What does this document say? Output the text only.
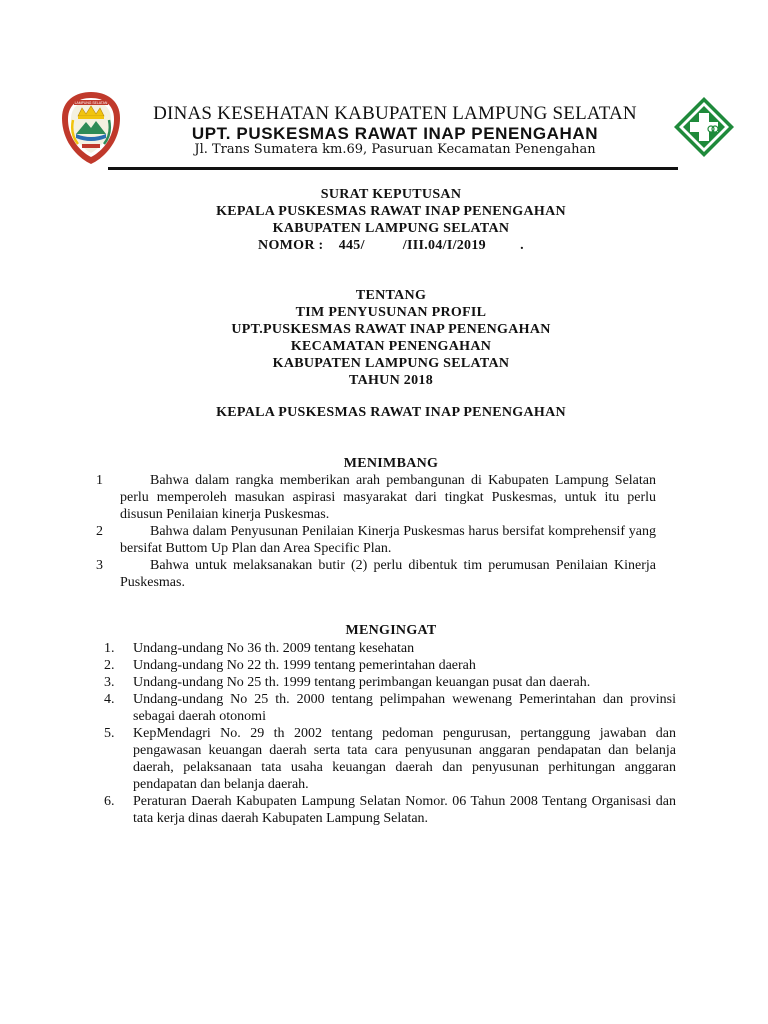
LAMPUNG SELATAN	DINAS KESEHATAN KABUPATEN LAMPUNG SELATAN
UPT. PUSKESMAS RAWAT INAP PENENGAHAN
Jl. Trans Sumatera km.69, Pasuruan Kecamatan Penengahan
SURAT KEPUTUSAN
KEPALA PUSKESMAS RAWAT INAP PENENGAHAN
KABUPATEN LAMPUNG SELATAN
NOMOR :    445/          /III.04/I/2019         .
TENTANG
TIM PENYUSUNAN PROFIL
UPT.PUSKESMAS RAWAT INAP PENENGAHAN
KECAMATAN PENENGAHAN
KABUPATEN LAMPUNG SELATAN
TAHUN 2018
KEPALA PUSKESMAS RAWAT INAP PENENGAHAN
MENIMBANG
1	Bahwa dalam rangka memberikan arah pembangunan di Kabupaten Lampung Selatan perlu memperoleh masukan aspirasi masyarakat dari tingkat Puskesmas, untuk itu perlu disusun Penilaian kinerja Puskesmas.
2	Bahwa dalam Penyusunan Penilaian Kinerja Puskesmas harus bersifat komprehensif yang bersifat Buttom Up Plan dan Area Specific Plan.
3	Bahwa untuk melaksanakan butir (2) perlu dibentuk tim perumusan Penilaian Kinerja Puskesmas.
MENGINGAT
1. Undang-undang No 36 th. 2009 tentang kesehatan
2. Undang-undang No 22 th. 1999 tentang pemerintahan daerah
3. Undang-undang No 25 th. 1999 tentang perimbangan keuangan pusat dan daerah.
4. Undang-undang No 25 th. 2000 tentang pelimpahan wewenang Pemerintahan dan provinsi sebagai daerah otonomi
5. KepMendagri No. 29 th 2002 tentang pedoman pengurusan, pertanggung jawaban dan pengawasan keuangan daerah serta tata cara penyusunan anggaran pendapatan dan belanja daerah, pelaksanaan tata usaha keuangan daerah dan penyusunan perhitungan anggaran pendapatan dan belanja daerah.
6. Peraturan Daerah Kabupaten Lampung Selatan Nomor. 06 Tahun 2008 Tentang Organisasi dan tata kerja dinas daerah Kabupaten Lampung Selatan.
